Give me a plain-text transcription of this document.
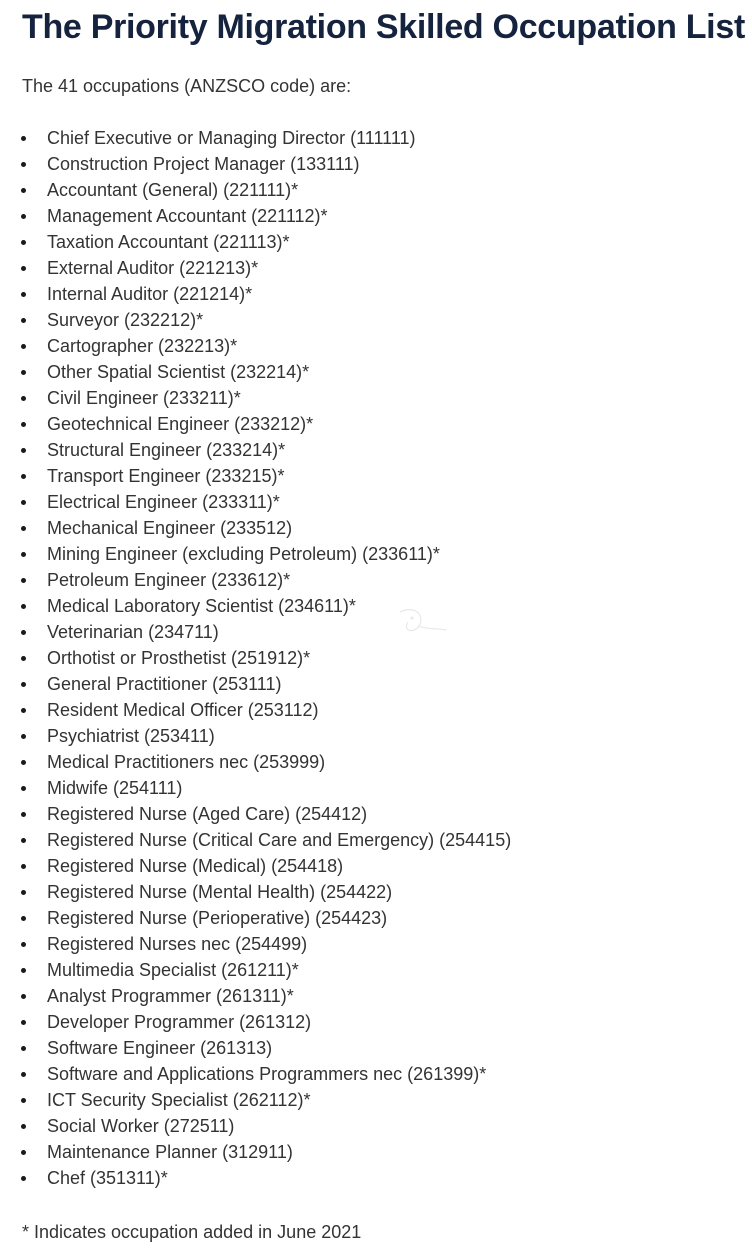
The Priority Migration Skilled Occupation List

The 41 occupations (ANZSCO code) are:

Chief Executive or Managing Director (111111)
Construction Project Manager (133111)
Accountant (General) (221111)*
Management Accountant (221112)*
Taxation Accountant (221113)*
External Auditor (221213)*
Internal Auditor (221214)*
Surveyor (232212)*
Cartographer (232213)*
Other Spatial Scientist (232214)*
Civil Engineer (233211)*
Geotechnical Engineer (233212)*
Structural Engineer (233214)*
Transport Engineer (233215)*
Electrical Engineer (233311)*
Mechanical Engineer (233512)
Mining Engineer (excluding Petroleum) (233611)*
Petroleum Engineer (233612)*
Medical Laboratory Scientist (234611)*
Veterinarian (234711)
Orthotist or Prosthetist (251912)*
General Practitioner (253111)
Resident Medical Officer (253112)
Psychiatrist (253411)
Medical Practitioners nec (253999)
Midwife (254111)
Registered Nurse (Aged Care) (254412)
Registered Nurse (Critical Care and Emergency) (254415)
Registered Nurse (Medical) (254418)
Registered Nurse (Mental Health) (254422)
Registered Nurse (Perioperative) (254423)
Registered Nurses nec (254499)
Multimedia Specialist (261211)*
Analyst Programmer (261311)*
Developer Programmer (261312)
Software Engineer (261313)
Software and Applications Programmers nec (261399)*
ICT Security Specialist (262112)*
Social Worker (272511)
Maintenance Planner (312911)
Chef (351311)*

* Indicates occupation added in June 2021
